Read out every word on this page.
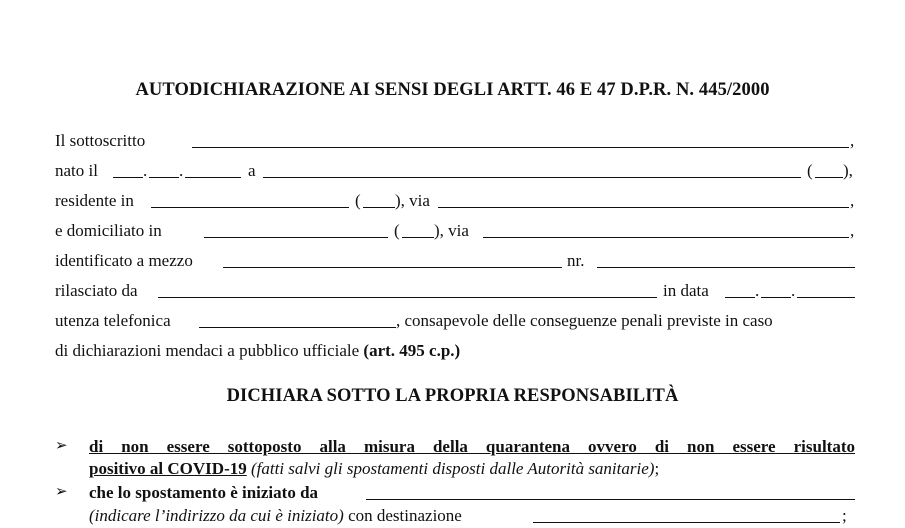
AUTODICHIARAZIONE AI SENSI DEGLI ARTT. 46 E 47 D.P.R. N. 445/2000
Il sottoscritto	,
nato il	. .	a	( ),
residente in	( ), via	,
e domiciliato in	( ), via	,
identificato a mezzo	nr.
rilasciato da	in data	. .
utenza telefonica	, consapevole delle conseguenze penali previste in caso
di dichiarazioni mendaci a pubblico ufficiale (art. 495 c.p.)
DICHIARA SOTTO LA PROPRIA RESPONSABILITÀ
➢ di non essere sottoposto alla misura della quarantena ovvero di non essere risultato
positivo al COVID-19 (fatti salvi gli spostamenti disposti dalle Autorità sanitarie);
➢ che lo spostamento è iniziato da
(indicare l’indirizzo da cui è iniziato) con destinazione	;
